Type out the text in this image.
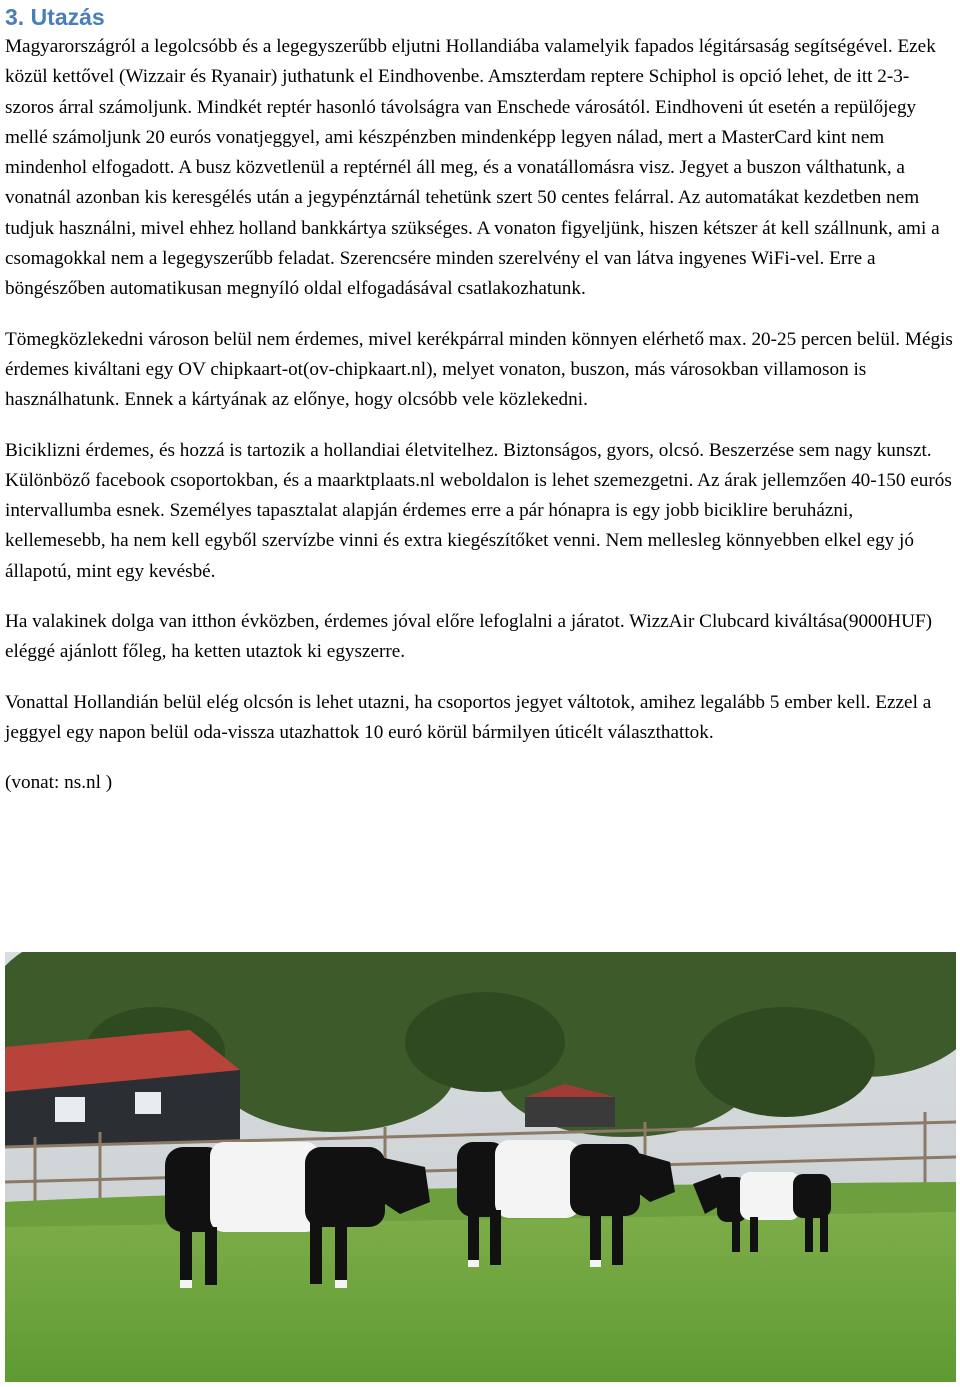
3. Utazás

Magyarországról a legolcsóbb és a legegyszerűbb eljutni Hollandiába valamelyik fapados légitársaság segítségével. Ezek közül kettővel (Wizzair és Ryanair) juthatunk el Eindhovenbe. Amszterdam reptere Schiphol is opció lehet, de itt 2-3-szoros árral számoljunk. Mindkét reptér hasonló távolságra van Enschede városától. Eindhoveni út esetén a repülőjegy mellé számoljunk 20 eurós vonatjeggyel, ami készpénzben mindenképp legyen nálad, mert a MasterCard kint nem mindenhol elfogadott. A busz közvetlenül a reptérnél áll meg, és a vonatállomásra visz. Jegyet a buszon válthatunk, a vonatnál azonban kis keresgélés után a jegypénztárnál tehetünk szert 50 centes felárral. Az automatákat kezdetben nem tudjuk használni, mivel ehhez holland bankkártya szükséges. A vonaton figyeljünk, hiszen kétszer át kell szállnunk, ami a csomagokkal nem a legegyszerűbb feladat. Szerencsére minden szerelvény el van látva ingyenes WiFi-vel. Erre a böngészőben automatikusan megnyíló oldal elfogadásával csatlakozhatunk.

Tömegközlekedni városon belül nem érdemes, mivel kerékpárral minden könnyen elérhető max. 20-25 percen belül. Mégis érdemes kiváltani egy OV chipkaart-ot(ov-chipkaart.nl), melyet vonaton, buszon, más városokban villamoson is használhatunk. Ennek a kártyának az előnye, hogy olcsóbb vele közlekedni.

Biciklizni érdemes, és hozzá is tartozik a hollandiai életvitelhez. Biztonságos, gyors, olcsó. Beszerzése sem nagy kunszt. Különböző facebook csoportokban, és a maarktplaats.nl weboldalon is lehet szemezgetni. Az árak jellemzően 40-150 eurós intervallumba esnek. Személyes tapasztalat alapján érdemes erre a pár hónapra is egy jobb biciklire beruházni, kellemesebb, ha nem kell egyből szervízbe vinni és extra kiegészítőket venni. Nem mellesleg könnyebben elkel egy jó állapotú, mint egy kevésbé.

Ha valakinek dolga van itthon évközben, érdemes jóval előre lefoglalni a járatot. WizzAir Clubcard kiváltása(9000HUF) eléggé ajánlott főleg, ha ketten utaztok ki egyszerre.

Vonattal Hollandián belül elég olcsón is lehet utazni, ha csoportos jegyet váltotok, amihez legalább 5 ember kell. Ezzel a jeggyel egy napon belül oda-vissza utazhattok 10 euró körül bármilyen úticélt választhattok.

(vonat: ns.nl )
